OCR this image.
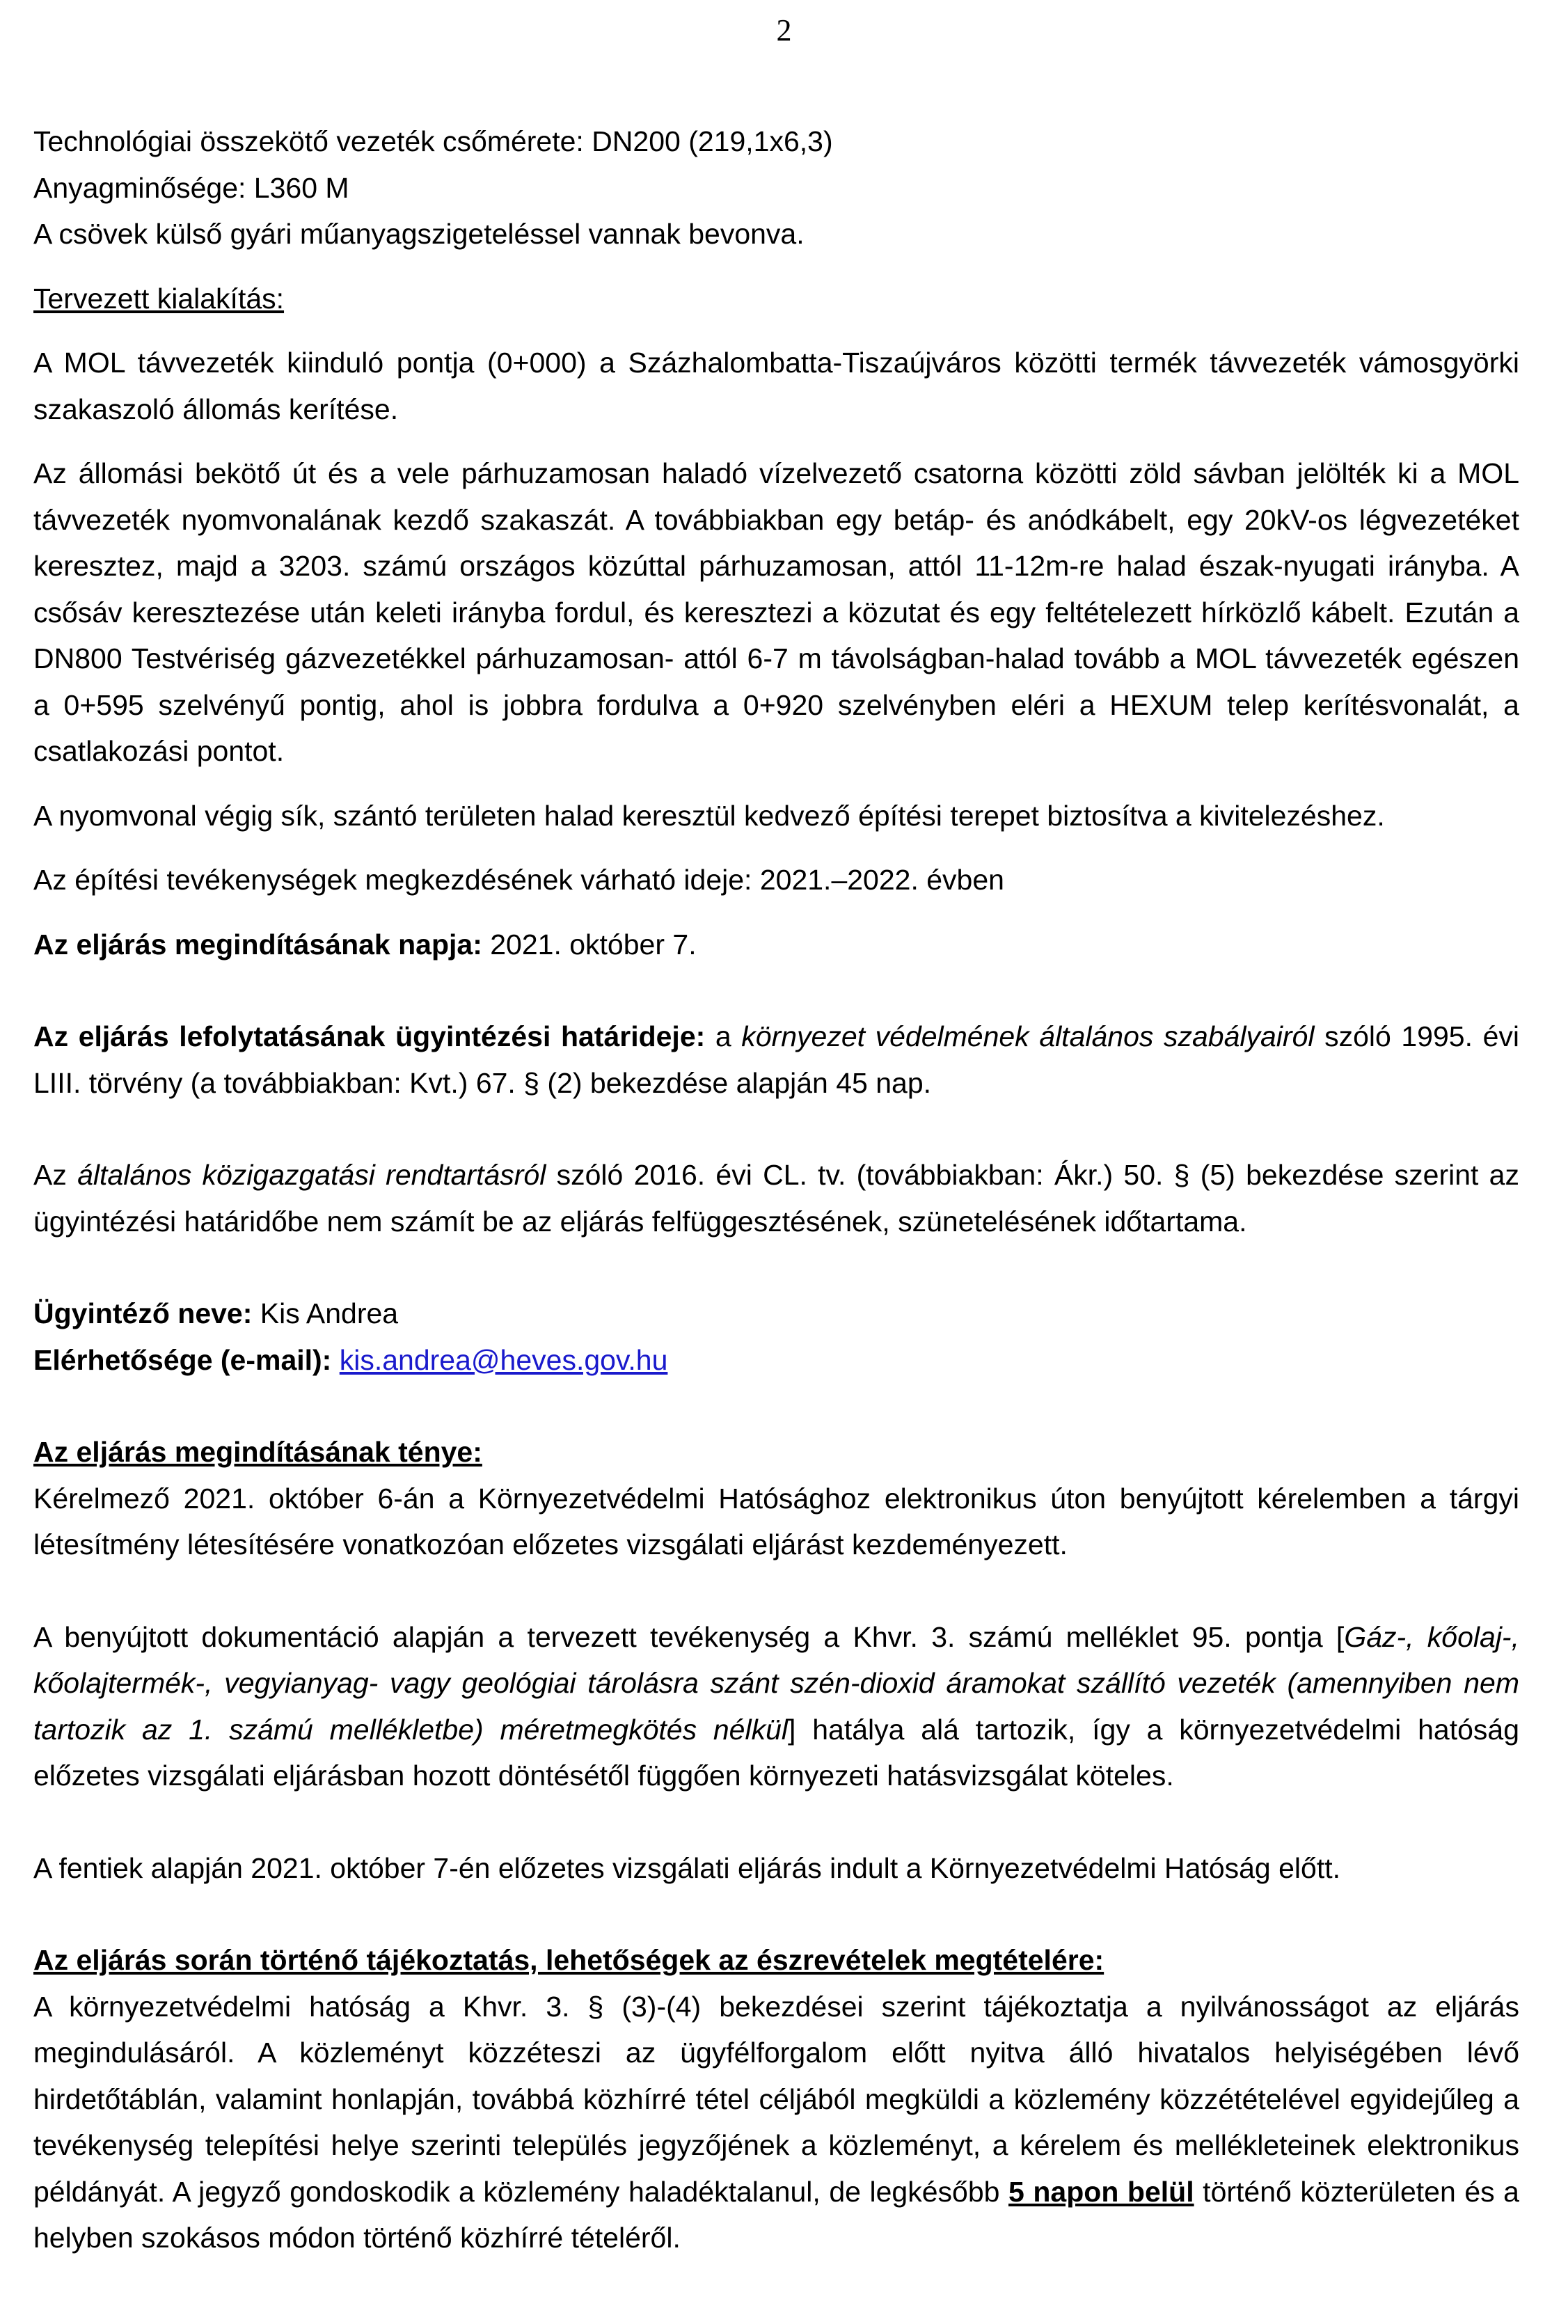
2

Technológiai összekötő vezeték csőmérete: DN200 (219,1x6,3)

Anyagminősége: L360 M

A csövek külső gyári műanyagszigeteléssel vannak bevonva.

Tervezett kialakítás:

A MOL távvezeték kiinduló pontja (0+000) a Százhalombatta-Tiszaújváros közötti termék távvezeték vámosgyörki szakaszoló állomás kerítése.

Az állomási bekötő út és a vele párhuzamosan haladó vízelvezető csatorna közötti zöld sávban jelölték ki a MOL távvezeték nyomvonalának kezdő szakaszát. A továbbiakban egy betáp- és anódkábelt, egy 20kV-os légvezetéket keresztez, majd a 3203. számú országos közúttal párhuzamosan, attól 11-12m-re halad észak-nyugati irányba. A csősáv keresztezése után keleti irányba fordul, és keresztezi a közutat és egy feltételezett hírközlő kábelt. Ezután a DN800 Testvériség gázvezetékkel párhuzamosan- attól 6-7 m távolságban-halad tovább a MOL távvezeték egészen a 0+595 szelvényű pontig, ahol is jobbra fordulva a 0+920 szelvényben eléri a HEXUM telep kerítésvonalát, a csatlakozási pontot.

A nyomvonal végig sík, szántó területen halad keresztül kedvező építési terepet biztosítva a kivitelezéshez.

Az építési tevékenységek megkezdésének várható ideje: 2021.–2022. évben

Az eljárás megindításának napja: 2021. október 7.

Az eljárás lefolytatásának ügyintézési határideje: a környezet védelmének általános szabályairól szóló 1995. évi LIII. törvény (a továbbiakban: Kvt.) 67. § (2) bekezdése alapján 45 nap.

Az általános közigazgatási rendtartásról szóló 2016. évi CL. tv. (továbbiakban: Ákr.) 50. § (5) bekezdése szerint az ügyintézési határidőbe nem számít be az eljárás felfüggesztésének, szünetelésének időtartama.

Ügyintéző neve: Kis Andrea

Elérhetősége (e-mail): kis.andrea@heves.gov.hu

Az eljárás megindításának ténye:

Kérelmező 2021. október 6-án a Környezetvédelmi Hatósághoz elektronikus úton benyújtott kérelemben a tárgyi létesítmény létesítésére vonatkozóan előzetes vizsgálati eljárást kezdeményezett.

A benyújtott dokumentáció alapján a tervezett tevékenység a Khvr. 3. számú melléklet 95. pontja [Gáz-, kőolaj-, kőolajtermék-, vegyianyag- vagy geológiai tárolásra szánt szén-dioxid áramokat szállító vezeték (amennyiben nem tartozik az 1. számú mellékletbe) méretmegkötés nélkül] hatálya alá tartozik, így a környezetvédelmi hatóság előzetes vizsgálati eljárásban hozott döntésétől függően környezeti hatásvizsgálat köteles.

A fentiek alapján 2021. október 7-én előzetes vizsgálati eljárás indult a Környezetvédelmi Hatóság előtt.

Az eljárás során történő tájékoztatás, lehetőségek az észrevételek megtételére:

A környezetvédelmi hatóság a Khvr. 3. § (3)-(4) bekezdései szerint tájékoztatja a nyilvánosságot az eljárás megindulásáról. A közleményt közzéteszi az ügyfélforgalom előtt nyitva álló hivatalos helyiségében lévő hirdetőtáblán, valamint honlapján, továbbá közhírré tétel céljából megküldi a közlemény közzétételével egyidejűleg a tevékenység telepítési helye szerinti település jegyzőjének a közleményt, a kérelem és mellékleteinek elektronikus példányát. A jegyző gondoskodik a közlemény haladéktalanul, de legkésőbb 5 napon belül történő közterületen és a helyben szokásos módon történő közhírré tételéről.
